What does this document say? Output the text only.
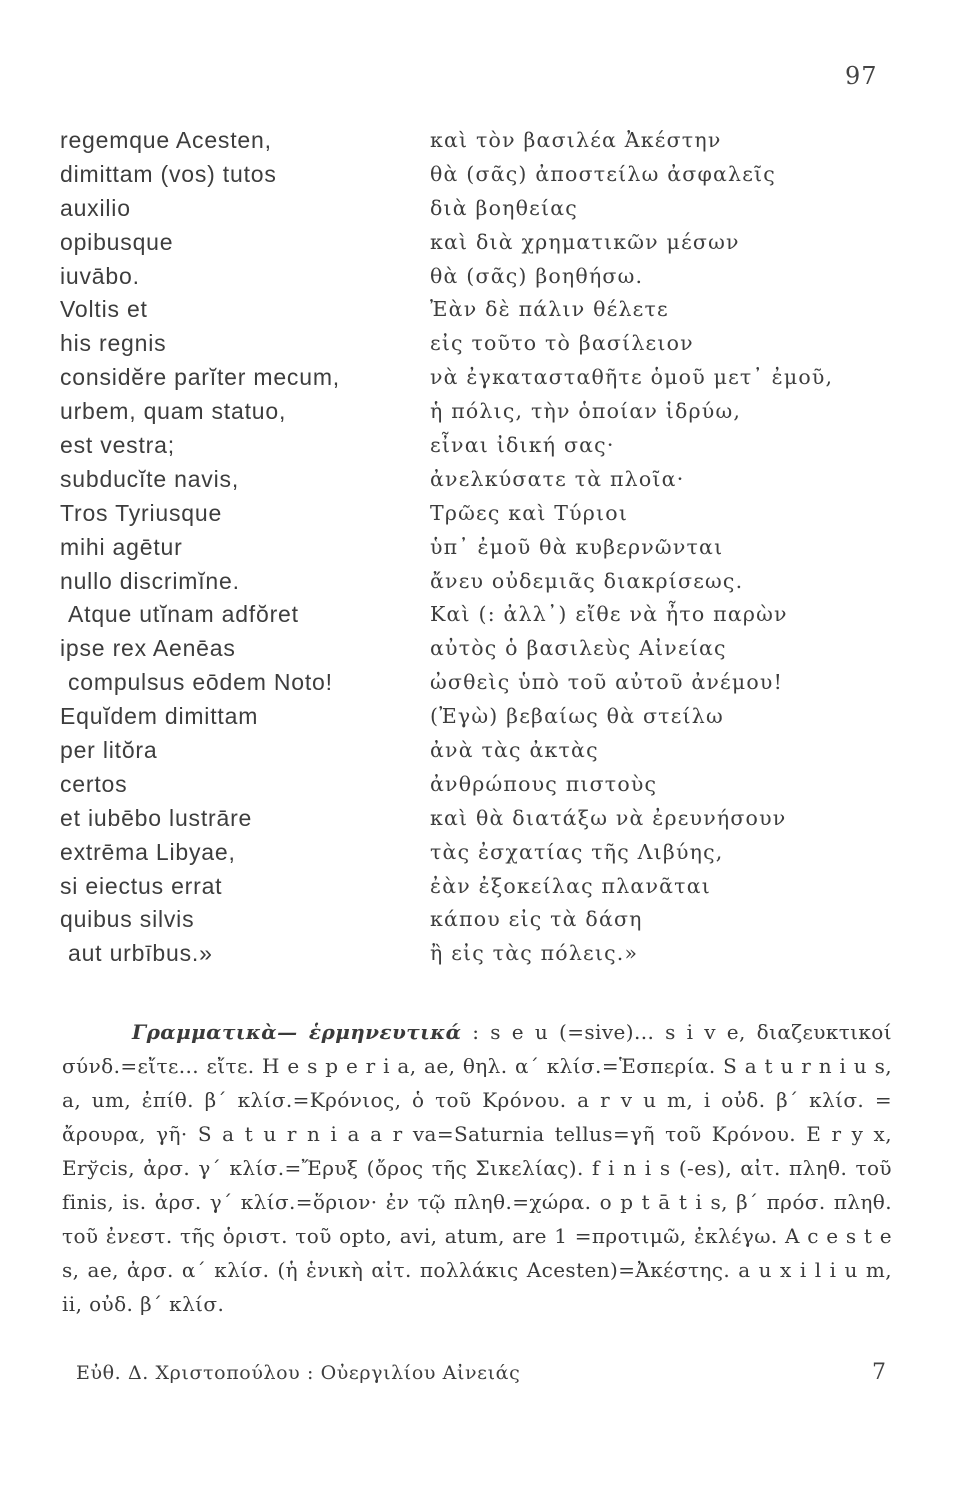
97
regemque Acesten,
dimittam (vos) tutos
auxilio
opibusque
iuvābo.
Voltis et
his regnis
considĕre parĭter mecum,
urbem, quam statuo,
est vestra;
subducĭte navis,
Tros Tyriusque
mihi agētur
nullo discrimĭne.
Atque utĭnam adfŏret
ipse rex Aenēas
compulsus eōdem Noto!
Equĭdem dimittam
per litŏra
certos
et iubēbo lustrāre
extrēma Libyae,
si eiectus errat
quibus silvis
aut urbībus.»
καὶ τὸν βασιλέα Ἀκέστην
θὰ (σᾶς) ἀποστείλω ἀσφαλεῖς
διὰ βοηθείας
καὶ διὰ χρηματικῶν μέσων
θὰ (σᾶς) βοηθήσω.
Ἐὰν δὲ πάλιν θέλετε
εἰς τοῦτο τὸ βασίλειον
νὰ ἐγκατασταθῆτε ὁμοῦ μετ᾽ ἐμοῦ,
ἡ πόλις, τὴν ὁποίαν ἱδρύω,
εἶναι ἰδική σας·
ἀνελκύσατε τὰ πλοῖα·
Τρῶες καὶ Τύριοι
ὑπ᾽ ἐμοῦ θὰ κυβερνῶνται
ἄνευ οὐδεμιᾶς διακρίσεως.
Καὶ (: ἀλλ᾽) εἴθε νὰ ἦτο παρὼν
αὐτὸς ὁ βασιλεὺς Αἰνείας
ὠσθεὶς ὑπὸ τοῦ αὐτοῦ ἀνέμου!
(Ἐγὼ) βεβαίως θὰ στείλω
ἀνὰ τὰς ἀκτὰς
ἀνθρώπους πιστοὺς
καὶ θὰ διατάξω νὰ ἐρευνήσουν
τὰς ἐσχατίας τῆς Λιβύης,
ἐὰν ἐξοκείλας πλανᾶται
κάπου εἰς τὰ δάση
ἢ εἰς τὰς πόλεις.»

Γραμματικὰ— ἑρμηνευτικά : s e u (=sive)... s i v e, διαζευκτικοί σύνδ.=εἴτε... εἴτε. H e s p e r i a, ae, θηλ. α΄ κλίσ.=Ἑσπερία. S a t u r n i u s, a, um, ἐπίθ. β΄ κλίσ.=Κρόνιος, ὁ τοῦ Κρόνου. a r v u m, i οὐδ. β΄ κλίσ. = ἄρουρα, γῆ· S a t u r n i a a r va=Saturnia tellus=γῆ τοῦ Κρόνου. E r y x, Erўcis, ἀρσ. γ΄ κλίσ.=Ἔρυξ (ὄρος τῆς Σικελίας). f i n i s (-es), αἰτ. πληθ. τοῦ finis, is. ἀρσ. γ΄ κλίσ.=ὅριον· ἐν τῷ πληθ.=χώρα. o p t ā t i s, β΄ πρόσ. πληθ. τοῦ ἐνεστ. τῆς ὁριστ. τοῦ opto, avi, atum, are 1 =προτιμῶ, ἐκλέγω. A c e s t e s, ae, ἀρσ. α΄ κλίσ. (ἡ ἑνικὴ αἰτ. πολλάκις Acesten)=Ἀκέστης. a u x i l i u m, ii, οὐδ. β΄ κλίσ.

Εὐθ. Δ. Χριστοπούλου : Οὐεργιλίου Αἰνειάς	7
